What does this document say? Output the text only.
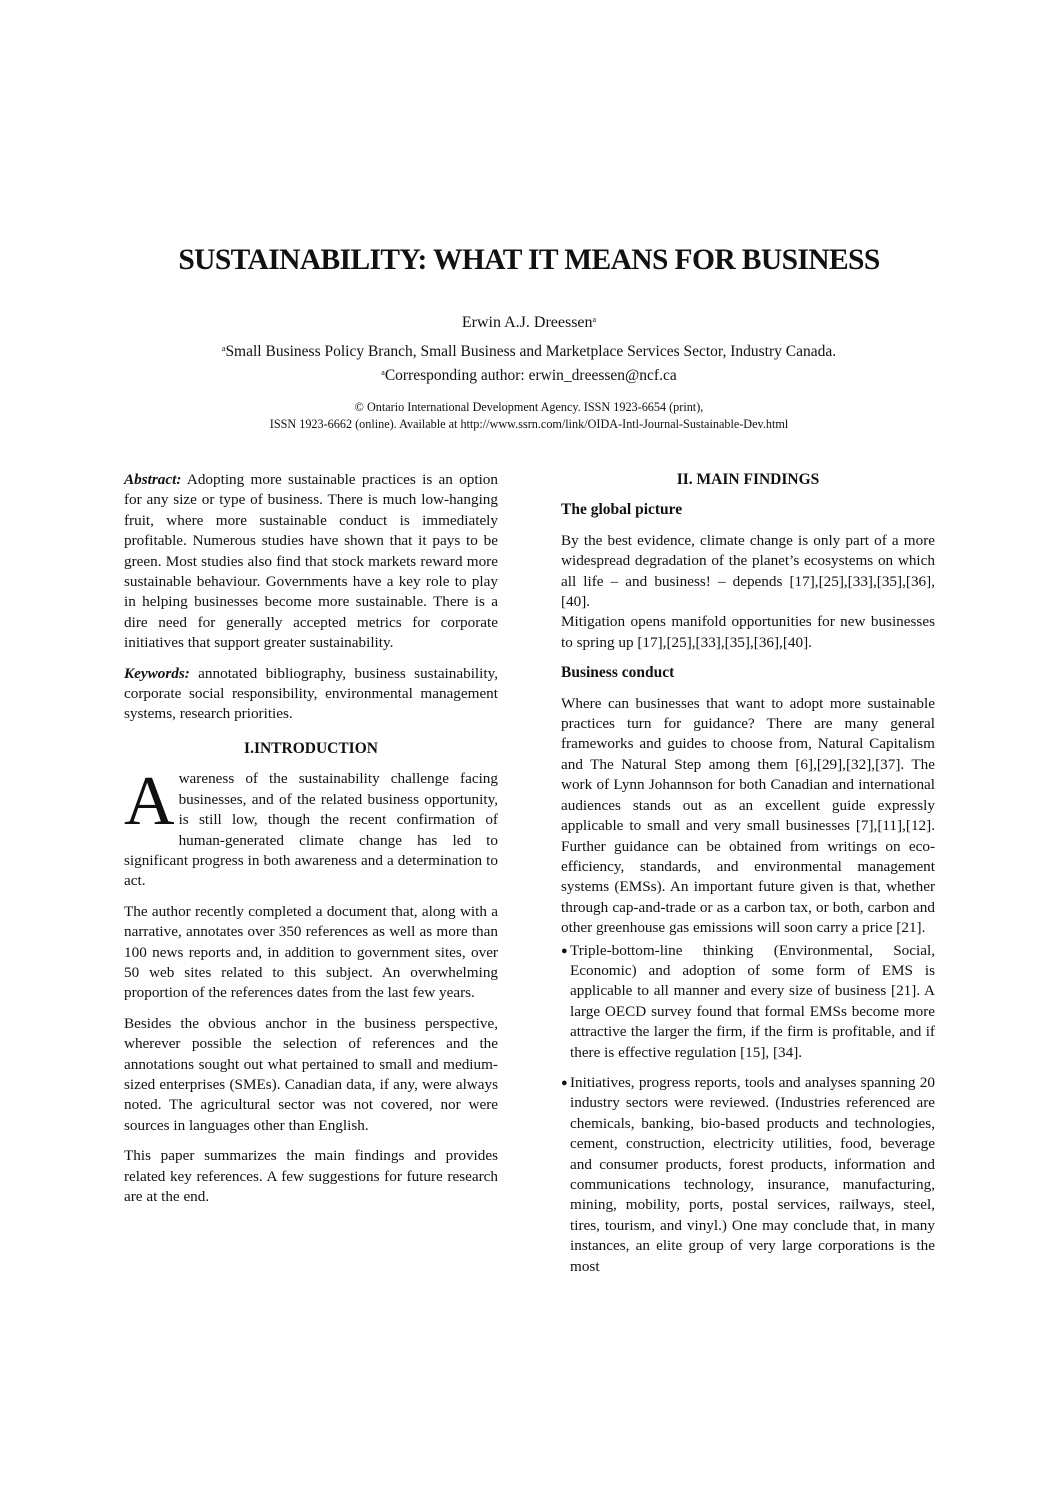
SUSTAINABILITY: WHAT IT MEANS FOR BUSINESS
Erwin A.J. Dreessen$^a$
$^a$Small Business Policy Branch, Small Business and Marketplace Services Sector, Industry Canada.
$^a$Corresponding author: erwin_dreessen@ncf.ca
© Ontario International Development Agency. ISSN 1923-6654 (print),
ISSN 1923-6662 (online). Available at http://www.ssrn.com/link/OIDA-Intl-Journal-Sustainable-Dev.html

Abstract: Adopting more sustainable practices is an option for any size or type of business. There is much low-hanging fruit, where more sustainable conduct is immediately profitable. Numerous studies have shown that it pays to be green. Most studies also find that stock markets reward more sustainable behaviour. Governments have a key role to play in helping businesses become more sustainable. There is a dire need for generally accepted metrics for corporate initiatives that support greater sustainability.

Keywords: annotated bibliography, business sustainability, corporate social responsibility, environmental management systems, research priorities.

I.INTRODUCTION

Awareness of the sustainability challenge facing businesses, and of the related business opportunity, is still low, though the recent confirmation of human-generated climate change has led to significant progress in both awareness and a determination to act.

The author recently completed a document that, along with a narrative, annotates over 350 references as well as more than 100 news reports and, in addition to government sites, over 50 web sites related to this subject. An overwhelming proportion of the references dates from the last few years.

Besides the obvious anchor in the business perspective, wherever possible the selection of references and the annotations sought out what pertained to small and medium-sized enterprises (SMEs). Canadian data, if any, were always noted. The agricultural sector was not covered, nor were sources in languages other than English.

This paper summarizes the main findings and provides related key references. A few suggestions for future research are at the end.

II. MAIN FINDINGS
The global picture

By the best evidence, climate change is only part of a more widespread degradation of the planet’s ecosystems on which all life – and business! – depends [17],[25],[33],[35],[36],[40].

Mitigation opens manifold opportunities for new businesses to spring up [17],[25],[33],[35],[36],[40].

Business conduct

Where can businesses that want to adopt more sustainable practices turn for guidance? There are many general frameworks and guides to choose from, Natural Capitalism and The Natural Step among them [6],[29],[32],[37]. The work of Lynn Johannson for both Canadian and international audiences stands out as an excellent guide expressly applicable to small and very small businesses [7],[11],[12]. Further guidance can be obtained from writings on eco-efficiency, standards, and environmental management systems (EMSs). An important future given is that, whether through cap-and-trade or as a carbon tax, or both, carbon and other greenhouse gas emissions will soon carry a price [21].

● Triple-bottom-line thinking (Environmental, Social, Economic) and adoption of some form of EMS is applicable to all manner and every size of business [21]. A large OECD survey found that formal EMSs become more attractive the larger the firm, if the firm is profitable, and if there is effective regulation [15], [34].
● Initiatives, progress reports, tools and analyses spanning 20 industry sectors were reviewed. (Industries referenced are chemicals, banking, bio-based products and technologies, cement, construction, electricity utilities, food, beverage and consumer products, forest products, information and communications technology, insurance, manufacturing, mining, mobility, ports, postal services, railways, steel, tires, tourism, and vinyl.) One may conclude that, in many instances, an elite group of very large corporations is the most
